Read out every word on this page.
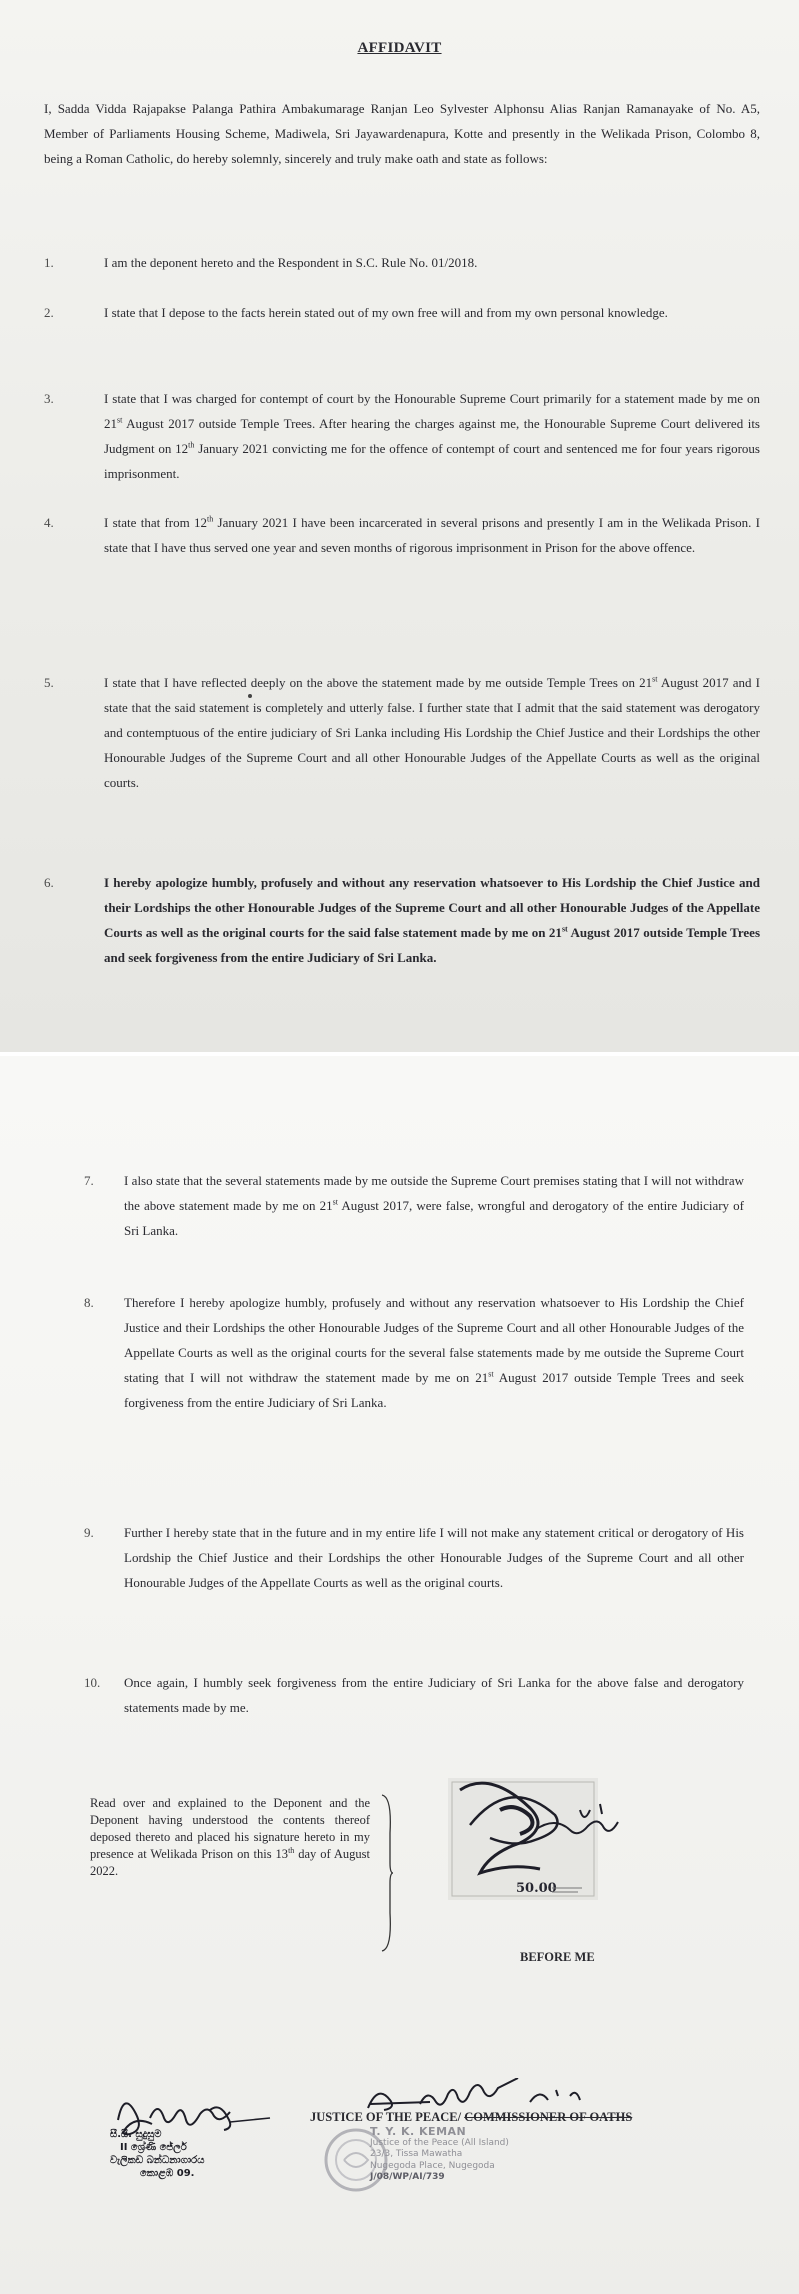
AFFIDAVIT
I, Sadda Vidda Rajapakse Palanga Pathira Ambakumarage Ranjan Leo Sylvester Alphonsu Alias Ranjan Ramanayake of No. A5, Member of Parliaments Housing Scheme, Madiwela, Sri Jayawardenapura, Kotte and presently in the Welikada Prison, Colombo 8, being a Roman Catholic, do hereby solemnly, sincerely and truly make oath and state as follows:
1.	I am the deponent hereto and the Respondent in S.C. Rule No. 01/2018.
2.	I state that I depose to the facts herein stated out of my own free will and from my own personal knowledge.
3.	I state that I was charged for contempt of court by the Honourable Supreme Court primarily for a statement made by me on 21st August 2017 outside Temple Trees. After hearing the charges against me, the Honourable Supreme Court delivered its Judgment on 12th January 2021 convicting me for the offence of contempt of court and sentenced me for four years rigorous imprisonment.
4.	I state that from 12th January 2021 I have been incarcerated in several prisons and presently I am in the Welikada Prison. I state that I have thus served one year and seven months of rigorous imprisonment in Prison for the above offence.
5.	I state that I have reflected deeply on the above the statement made by me outside Temple Trees on 21st August 2017 and I state that the said statement is completely and utterly false. I further state that I admit that the said statement was derogatory and contemptuous of the entire judiciary of Sri Lanka including His Lordship the Chief Justice and their Lordships the other Honourable Judges of the Supreme Court and all other Honourable Judges of the Appellate Courts as well as the original courts.
6.	I hereby apologize humbly, profusely and without any reservation whatsoever to His Lordship the Chief Justice and their Lordships the other Honourable Judges of the Supreme Court and all other Honourable Judges of the Appellate Courts as well as the original courts for the said false statement made by me on 21st August 2017 outside Temple Trees and seek forgiveness from the entire Judiciary of Sri Lanka.
7.	I also state that the several statements made by me outside the Supreme Court premises stating that I will not withdraw the above statement made by me on 21st August 2017, were false, wrongful and derogatory of the entire Judiciary of Sri Lanka.
8.	Therefore I hereby apologize humbly, profusely and without any reservation whatsoever to His Lordship the Chief Justice and their Lordships the other Honourable Judges of the Supreme Court and all other Honourable Judges of the Appellate Courts as well as the original courts for the several false statements made by me outside the Supreme Court stating that I will not withdraw the statement made by me on 21st August 2017 outside Temple Trees and seek forgiveness from the entire Judiciary of Sri Lanka.
9.	Further I hereby state that in the future and in my entire life I will not make any statement critical or derogatory of His Lordship the Chief Justice and their Lordships the other Honourable Judges of the Supreme Court and all other Honourable Judges of the Appellate Courts as well as the original courts.
10.	Once again, I humbly seek forgiveness from the entire Judiciary of Sri Lanka for the above false and derogatory statements made by me.
Read over and explained to the Deponent and the Deponent having understood the contents thereof deposed thereto and placed his signature hereto in my presence at Welikada Prison on this 13th day of August 2022.
50.00
BEFORE ME
සී.සී. සුදුසුම
II ශ්‍රේණි ජේලර්
වැලිකඩ බන්ධනාගාරය
කොළඹ 09.
JUSTICE OF THE PEACE/ COMMISSIONER OF OATHS
T. Y. K. KEMAN
Justice of the Peace (All Island)
23/3, Tissa Mawatha
Nugegoda Place, Nugegoda
J/08/WP/AI/739
